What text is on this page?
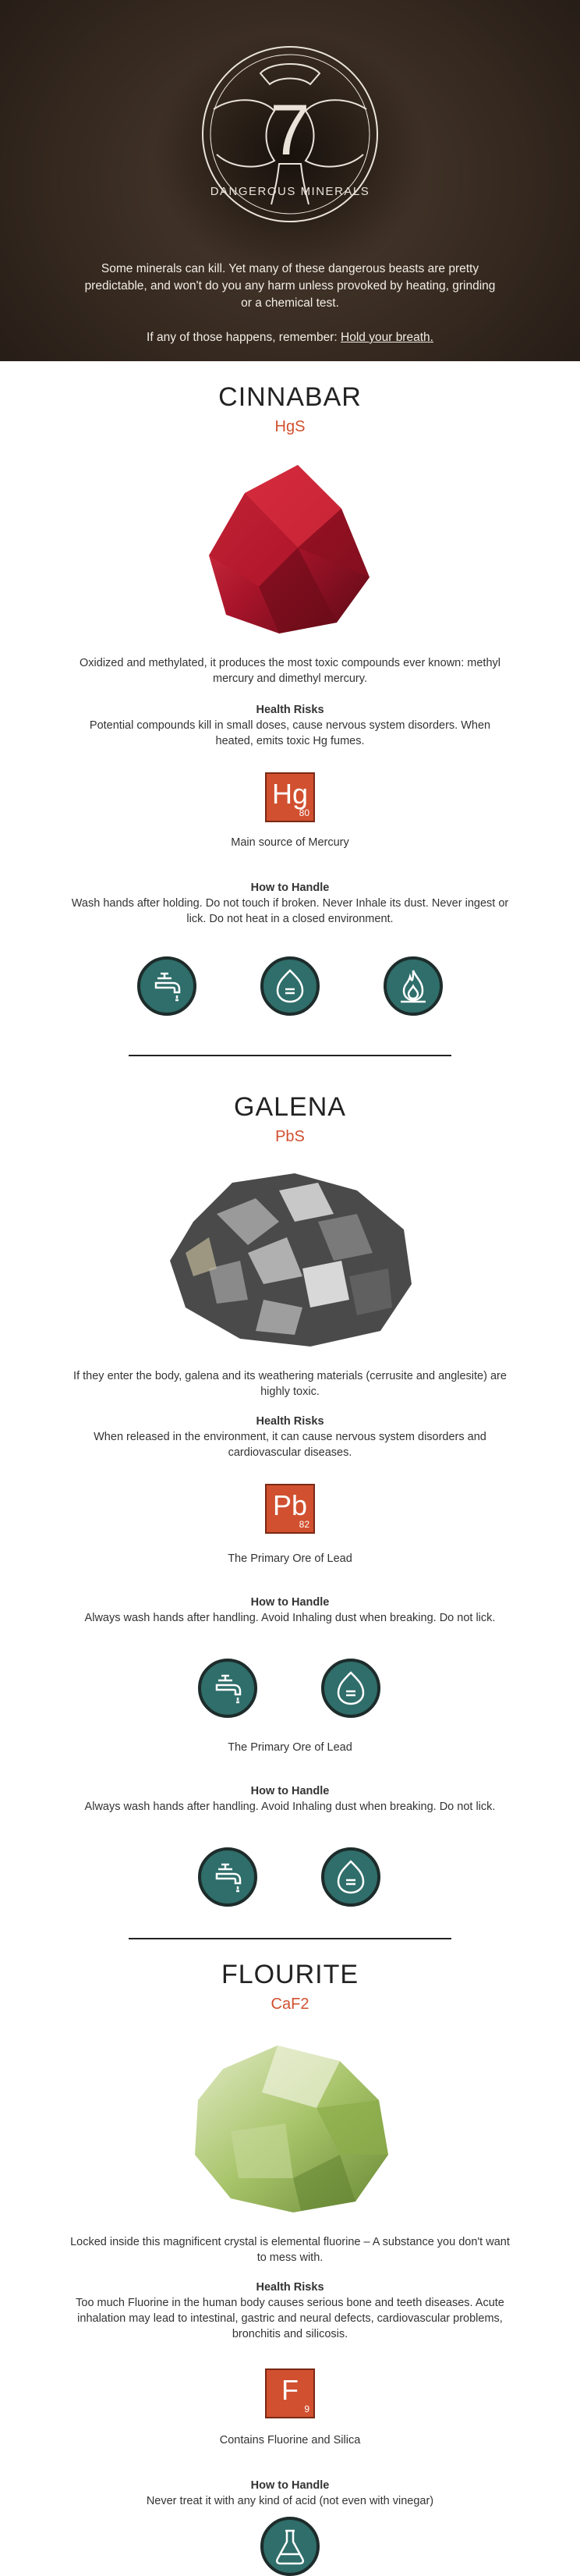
7
DANGEROUS MINERALS

Some minerals can kill. Yet many of these dangerous beasts are pretty predictable, and won't do you any harm unless provoked by heating, grinding or a chemical test.

If any of those happens, remember: Hold your breath.

CINNABAR
HgS
Oxidized and methylated, it produces the most toxic compounds ever known: methyl mercury and dimethyl mercury.
Health Risks
Potential compounds kill in small doses, cause nervous system disorders. When heated, emits toxic Hg fumes.
Hg
80
Main source of Mercury
How to Handle
Wash hands after holding. Do not touch if broken. Never Inhale its dust. Never ingest or lick. Do not heat in a closed environment.
GALENA
PbS
If they enter the body, galena and its weathering materials (cerrusite and anglesite) are highly toxic.
Health Risks
When released in the environment, it can cause nervous system disorders and cardiovascular diseases.
Pb
82
The Primary Ore of Lead
How to Handle
Always wash hands after handling. Avoid Inhaling dust when breaking. Do not lick.
The Primary Ore of Lead
How to Handle
Always wash hands after handling. Avoid Inhaling dust when breaking. Do not lick.
FLOURITE
CaF2
Locked inside this magnificent crystal is elemental fluorine – A substance you don't want to mess with.
Health Risks
Too much Fluorine in the human body causes serious bone and teeth diseases. Acute inhalation may lead to intestinal, gastric and neural defects, cardiovascular problems, bronchitis and silicosis.
F
9
Contains Fluorine and Silica
How to Handle
Never treat it with any kind of acid (not even with vinegar)
